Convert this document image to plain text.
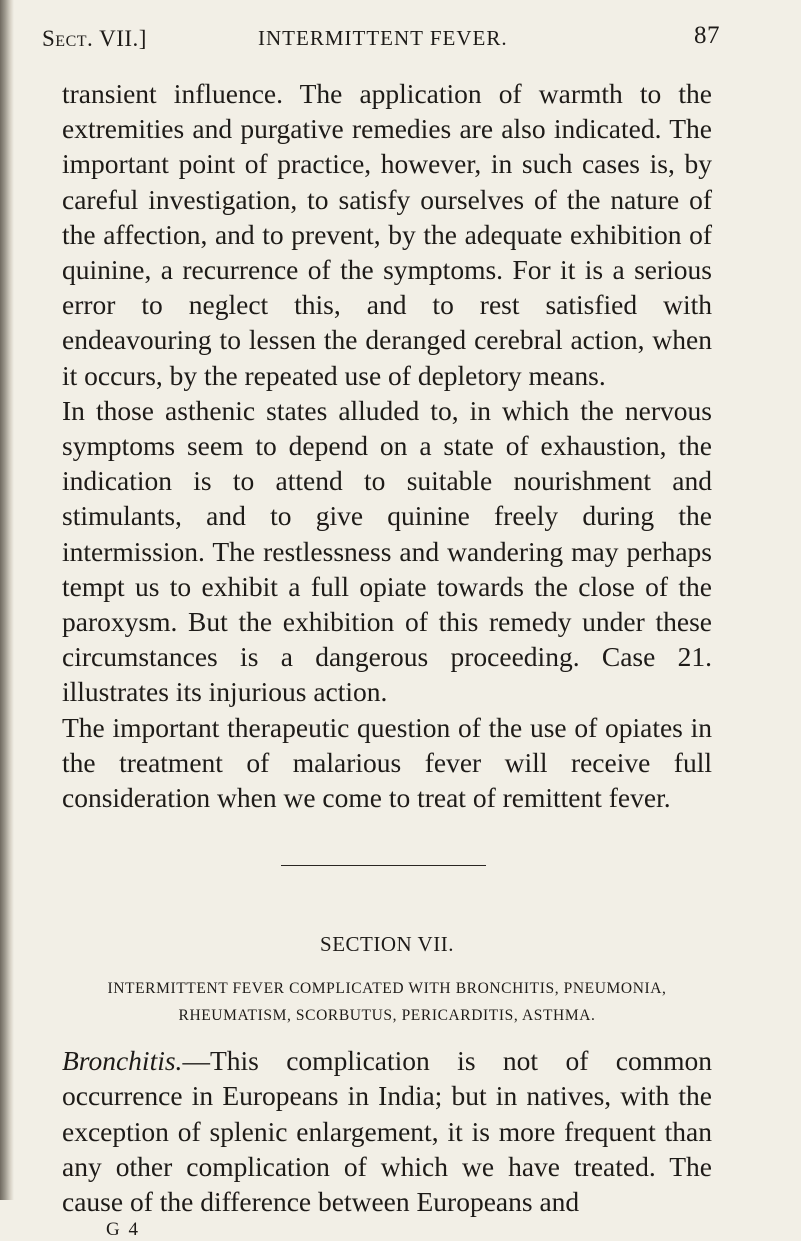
Sect. VII.]	INTERMITTENT FEVER.	87

transient influence. The application of warmth to the extremities and purgative remedies are also indicated. The important point of practice, however, in such cases is, by careful investigation, to satisfy ourselves of the nature of the affection, and to prevent, by the adequate exhibition of quinine, a recurrence of the symptoms. For it is a serious error to neglect this, and to rest satisfied with endeavouring to lessen the deranged cerebral action, when it occurs, by the repeated use of depletory means.

In those asthenic states alluded to, in which the nervous symptoms seem to depend on a state of exhaustion, the indication is to attend to suitable nourishment and stimulants, and to give quinine freely during the intermission. The restlessness and wandering may perhaps tempt us to exhibit a full opiate towards the close of the paroxysm. But the exhibition of this remedy under these circumstances is a dangerous proceeding. Case 21. illustrates its injurious action.

The important therapeutic question of the use of opiates in the treatment of malarious fever will receive full consideration when we come to treat of remittent fever.

SECTION VII.
INTERMITTENT FEVER COMPLICATED WITH BRONCHITIS, PNEUMONIA,
RHEUMATISM, SCORBUTUS, PERICARDITIS, ASTHMA.
Bronchitis.—This complication is not of common occurrence in Europeans in India; but in natives, with the exception of splenic enlargement, it is more frequent than any other complication of which we have treated. The cause of the difference between Europeans and
G 4
